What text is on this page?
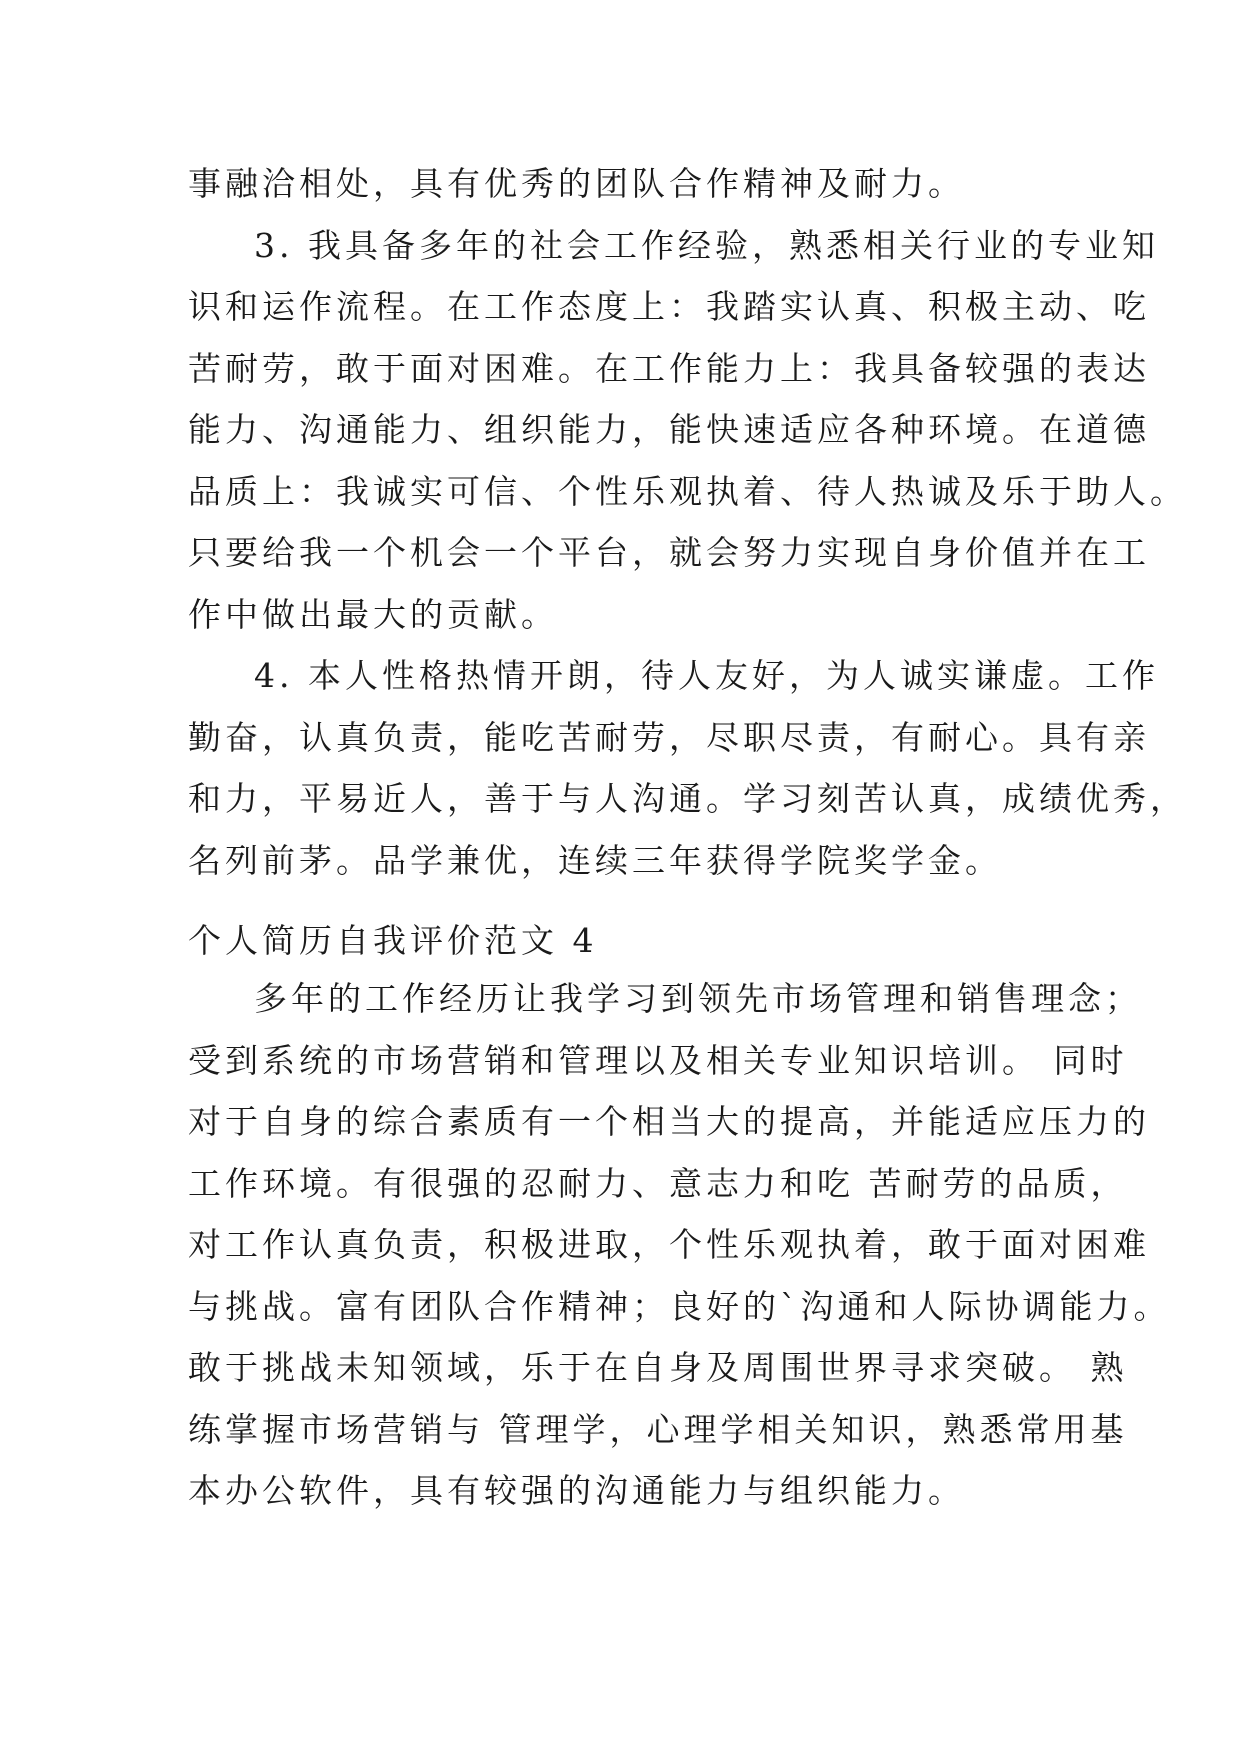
事融洽相处，具有优秀的团队合作精神及耐力。
3. 我具备多年的社会工作经验，熟悉相关行业的专业知
识和运作流程。在工作态度上：我踏实认真、积极主动、吃
苦耐劳，敢于面对困难。在工作能力上：我具备较强的表达
能力、沟通能力、组织能力，能快速适应各种环境。在道德
品质上：我诚实可信、个性乐观执着、待人热诚及乐于助人。
只要给我一个机会一个平台，就会努力实现自身价值并在工
作中做出最大的贡献。
4. 本人性格热情开朗，待人友好，为人诚实谦虚。工作
勤奋，认真负责，能吃苦耐劳，尽职尽责，有耐心。具有亲
和力，平易近人，善于与人沟通。学习刻苦认真，成绩优秀，
名列前茅。品学兼优，连续三年获得学院奖学金。
个人简历自我评价范文 4
多年的工作经历让我学习到领先市场管理和销售理念；
受到系统的市场营销和管理以及相关专业知识培训。 同时
对于自身的综合素质有一个相当大的提高，并能适应压力的
工作环境。有很强的忍耐力、意志力和吃 苦耐劳的品质，
对工作认真负责，积极进取，个性乐观执着，敢于面对困难
与挑战。富有团队合作精神；良好的`沟通和人际协调能力。
敢于挑战未知领域，乐于在自身及周围世界寻求突破。 熟
练掌握市场营销与 管理学，心理学相关知识，熟悉常用基
本办公软件，具有较强的沟通能力与组织能力。
